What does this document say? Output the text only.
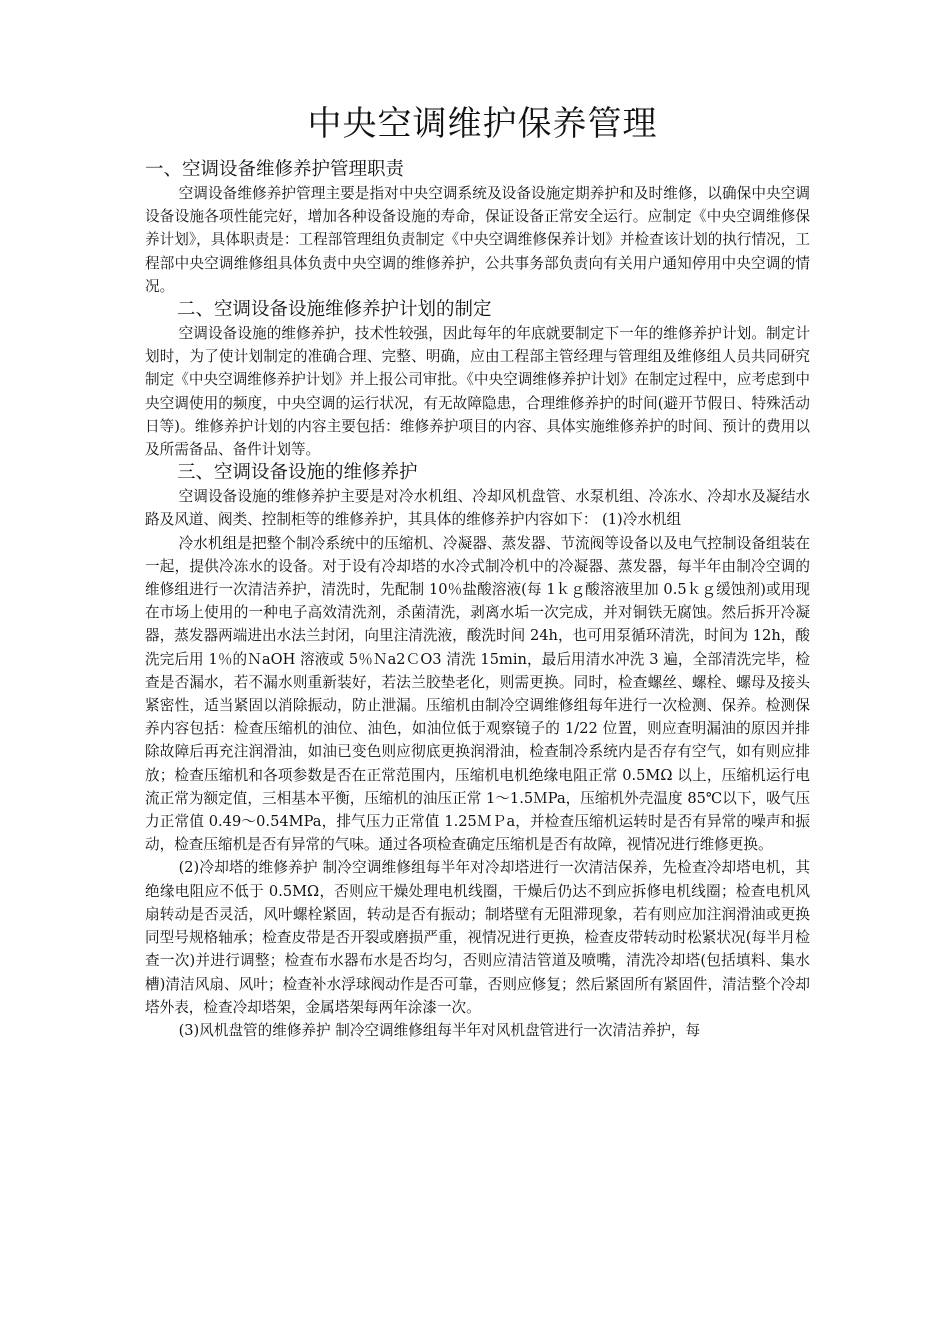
中央空调维护保养管理
一、空调设备维修养护管理职责

空调设备维修养护管理主要是指对中央空调系统及设备设施定期养护和及时维修，以确保中央空调设备设施各项性能完好，增加各种设备设施的寿命，保证设备正常安全运行。应制定《中央空调维修保养计划》，具体职责是：工程部管理组负责制定《中央空调维修保养计划》并检查该计划的执行情况，工程部中央空调维修组具体负责中央空调的维修养护，公共事务部负责向有关用户通知停用中央空调的情况。

二、空调设备设施维修养护计划的制定

空调设备设施的维修养护，技术性较强，因此每年的年底就要制定下一年的维修养护计划。制定计划时，为了使计划制定的准确合理、完整、明确，应由工程部主管经理与管理组及维修组人员共同研究制定《中央空调维修养护计划》并上报公司审批。《中央空调维修养护计划》在制定过程中，应考虑到中央空调使用的频度，中央空调的运行状况，有无故障隐患，合理维修养护的时间(避开节假日、特殊活动日等)。维修养护计划的内容主要包括：维修养护项目的内容、具体实施维修养护的时间、预计的费用以及所需备品、备件计划等。

三、空调设备设施的维修养护

空调设备设施的维修养护主要是对冷水机组、冷却风机盘管、水泵机组、冷冻水、冷却水及凝结水路及风道、阀类、控制柜等的维修养护，其具体的维修养护内容如下： (1)冷水机组

冷水机组是把整个制冷系统中的压缩机、冷凝器、蒸发器、节流阀等设备以及电气控制设备组装在一起，提供冷冻水的设备。对于设有冷却塔的水冷式制冷机中的冷凝器、蒸发器，每半年由制冷空调的维修组进行一次清洁养护，清洗时，先配制 10％盐酸溶液(每 1ｋｇ酸溶液里加 0.5ｋｇ缓蚀剂)或用现在市场上使用的一种电子高效清洗剂，杀菌清洗，剥离水垢一次完成，并对铜铁无腐蚀。然后拆开冷凝器，蒸发器两端进出水法兰封闭，向里注清洗液，酸洗时间 24h，也可用泵循环清洗，时间为 12h，酸洗完后用 1％的ＮaOH 溶液或 5％Ｎa2ＣO3 清洗 15min，最后用清水冲洗 3 遍，全部清洗完毕，检查是否漏水，若不漏水则重新装好，若法兰胶垫老化，则需更换。同时，检查螺丝、螺栓、螺母及接头紧密性，适当紧固以消除振动，防止泄漏。压缩机由制冷空调维修组每年进行一次检测、保养。检测保养内容包括：检查压缩机的油位、油色，如油位低于观察镜子的 1/22 位置，则应查明漏油的原因并排除故障后再充注润滑油，如油已变色则应彻底更换润滑油，检查制冷系统内是否存有空气，如有则应排放；检查压缩机和各项参数是否在正常范围内，压缩机电机绝缘电阻正常 0.5MΩ 以上，压缩机运行电流正常为额定值，三相基本平衡，压缩机的油压正常 1～1.5ＭPa，压缩机外壳温度 85℃以下，吸气压力正常值 0.49～0.54MPa，排气压力正常值 1.25ＭＰa，并检查压缩机运转时是否有异常的噪声和振动，检查压缩机是否有异常的气味。通过各项检查确定压缩机是否有故障，视情况进行维修更换。

(2)冷却塔的维修养护 制冷空调维修组每半年对冷却塔进行一次清洁保养，先检查冷却塔电机，其绝缘电阻应不低于 0.5MΩ，否则应干燥处理电机线圈，干燥后仍达不到应拆修电机线圈；检查电机风扇转动是否灵活，风叶螺栓紧固，转动是否有振动；制塔壁有无阻滞现象，若有则应加注润滑油或更换同型号规格轴承；检查皮带是否开裂或磨损严重，视情况进行更换，检查皮带转动时松紧状况(每半月检查一次)并进行调整；检查布水器布水是否均匀，否则应清洁管道及喷嘴，清洗冷却塔(包括填料、集水槽)清洁风扇、风叶；检查补水浮球阀动作是否可靠，否则应修复；然后紧固所有紧固件，清洁整个冷却塔外表，检查冷却塔架，金属塔架每两年涂漆一次。

(3)风机盘管的维修养护 制冷空调维修组每半年对风机盘管进行一次清洁养护，每
